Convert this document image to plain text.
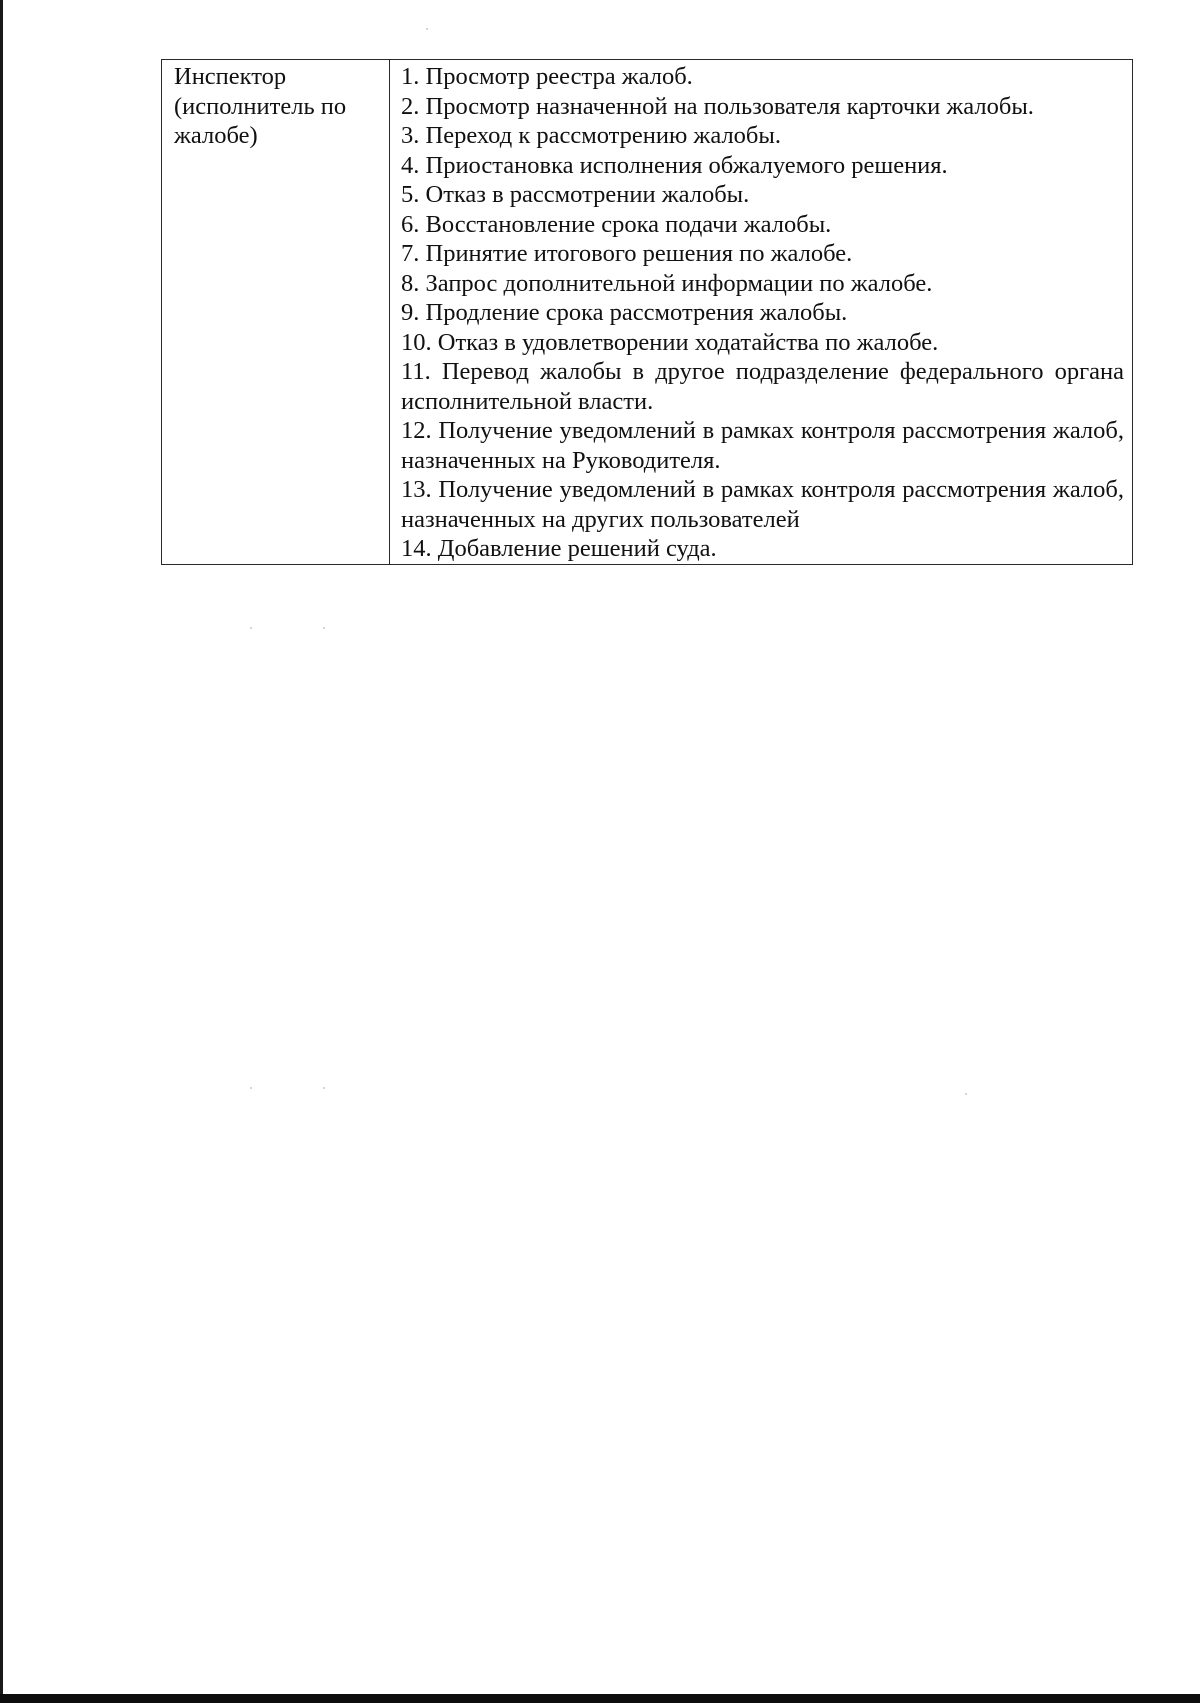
Инспектор
(исполнитель по
жалобе)

1. Просмотр реестра жалоб.
2. Просмотр назначенной на пользователя карточки жалобы.
3. Переход к рассмотрению жалобы.
4. Приостановка исполнения обжалуемого решения.
5. Отказ в рассмотрении жалобы.
6. Восстановление срока подачи жалобы.
7. Принятие итогового решения по жалобе.
8. Запрос дополнительной информации по жалобе.
9. Продление срока рассмотрения жалобы.
10. Отказ в удовлетворении ходатайства по жалобе.
11. Перевод жалобы в другое подразделение федерального органа исполнительной власти.
12. Получение уведомлений в рамках контроля рассмотрения жалоб, назначенных на Руководителя.
13. Получение уведомлений в рамках контроля рассмотрения жалоб, назначенных на других пользователей
14. Добавление решений суда.
